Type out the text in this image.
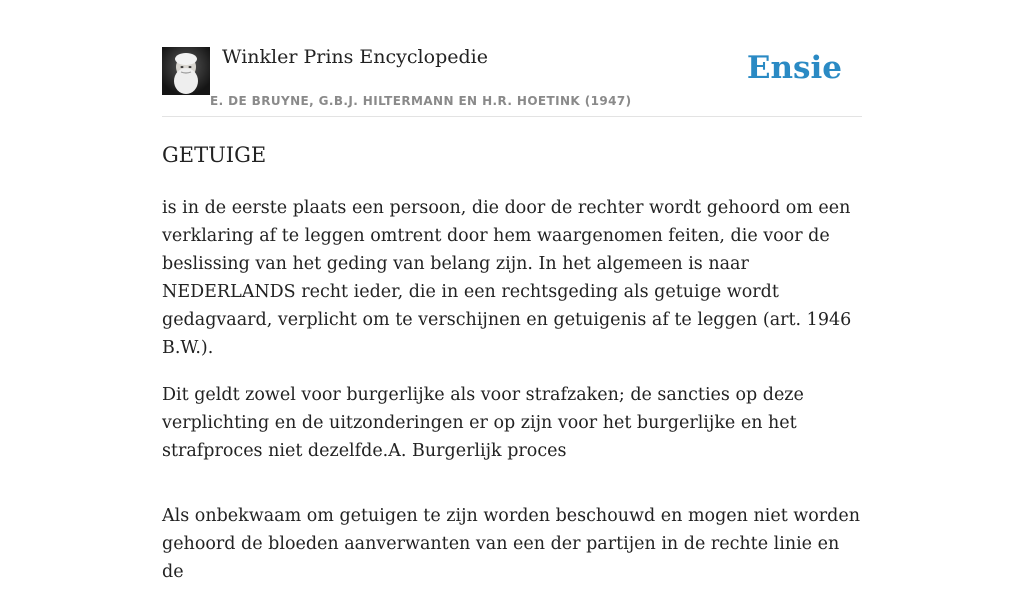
Winkler Prins Encyclopedie
E. DE BRUYNE, G.B.J. HILTERMANN EN H.R. HOETINK (1947)
Ensie
GETUIGE

is in de eerste plaats een persoon, die door de rechter wordt gehoord om een verklaring af te leggen omtrent door hem waargenomen feiten, die voor de beslissing van het geding van belang zijn. In het algemeen is naar NEDERLANDS recht ieder, die in een rechtsgeding als getuige wordt gedagvaard, verplicht om te verschijnen en getuigenis af te leggen (art. 1946 B.W.).

Dit geldt zowel voor burgerlijke als voor strafzaken; de sancties op deze verplichting en de uitzonderingen er op zijn voor het burgerlijke en het strafproces niet dezelfde.A. Burgerlijk proces

Als onbekwaam om getuigen te zijn worden beschouwd en mogen niet worden gehoord de bloeden aanverwanten van een der partijen in de rechte linie en de
